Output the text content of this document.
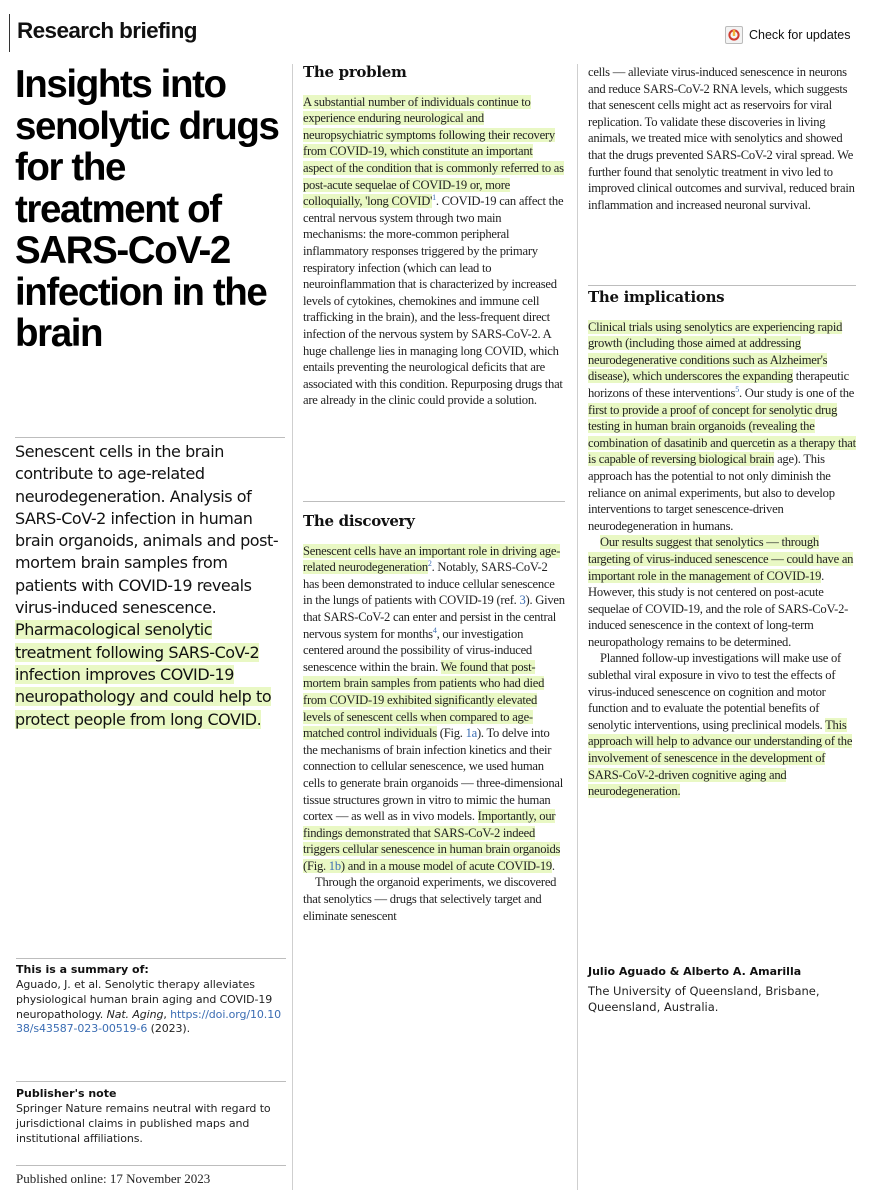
Research briefing	Check for updates
Insights into senolytic drugs for the treatment of SARS-CoV-2 infection in the brain
Senescent cells in the brain contribute to age-related neurodegeneration. Analysis of SARS-CoV-2 infection in human brain organoids, animals and post-mortem brain samples from patients with COVID-19 reveals virus-induced senescence. Pharmacological senolytic treatment following SARS-CoV-2 infection improves COVID-19 neuropathology and could help to protect people from long COVID.
This is a summary of:
Aguado, J. et al. Senolytic therapy alleviates physiological human brain aging and COVID-19 neuropathology. Nat. Aging, https://doi.org/10.1038/s43587-023-00519-6 (2023).
Publisher's note
Springer Nature remains neutral with regard to jurisdictional claims in published maps and institutional affiliations.
Published online: 17 November 2023
The problem

A substantial number of individuals continue to experience enduring neurological and neuropsychiatric symptoms following their recovery from COVID-19, which constitute an important aspect of the condition that is commonly referred to as post-acute sequelae of COVID-19 or, more colloquially, 'long $COVID'^1$. COVID-19 can affect the central nervous system through two main mechanisms: the more-common peripheral inflammatory responses triggered by the primary respiratory infection (which can lead to neuroinflammation that is characterized by increased levels of cytokines, chemokines and immune cell trafficking in the brain), and the less-frequent direct infection of the nervous system by SARS-CoV-2. A huge challenge lies in managing long COVID, which entails preventing the neurological deficits that are associated with this condition. Repurposing drugs that are already in the clinic could provide a solution.

The discovery

Senescent cells have an important role in driving age-related neurodegeneration$^2$. Notably, SARS-CoV-2 has been demonstrated to induce cellular senescence in the lungs of patients with COVID-19 (ref. 3). Given that SARS-CoV-2 can enter and persist in the central nervous system for months$^4$, our investigation centered around the possibility of virus-induced senescence within the brain. We found that post-mortem brain samples from patients who had died from COVID-19 exhibited significantly elevated levels of senescent cells when compared to age-matched control individuals (Fig. 1a). To delve into the mechanisms of brain infection kinetics and their connection to cellular senescence, we used human cells to generate brain organoids — three-dimensional tissue structures grown in vitro to mimic the human cortex — as well as in vivo models. Importantly, our findings demonstrated that SARS-CoV-2 indeed triggers cellular senescence in human brain organoids (Fig. 1b) and in a mouse model of acute COVID-19.

Through the organoid experiments, we discovered that senolytics — drugs that selectively target and eliminate senescent

cells — alleviate virus-induced senescence in neurons and reduce SARS-CoV-2 RNA levels, which suggests that senescent cells might act as reservoirs for viral replication. To validate these discoveries in living animals, we treated mice with senolytics and showed that the drugs prevented SARS-CoV-2 viral spread. We further found that senolytic treatment in vivo led to improved clinical outcomes and survival, reduced brain inflammation and increased neuronal survival.

The implications

Clinical trials using senolytics are experiencing rapid growth (including those aimed at addressing neurodegenerative conditions such as Alzheimer's disease), which underscores the expanding therapeutic horizons of these interventions$^5$. Our study is one of the first to provide a proof of concept for senolytic drug testing in human brain organoids (revealing the combination of dasatinib and quercetin as a therapy that is capable of reversing biological brain age). This approach has the potential to not only diminish the reliance on animal experiments, but also to develop interventions to target senescence-driven neurodegeneration in humans.

Our results suggest that senolytics — through targeting of virus-induced senescence — could have an important role in the management of COVID-19. However, this study is not centered on post-acute sequelae of COVID-19, and the role of SARS-CoV-2-induced senescence in the context of long-term neuropathology remains to be determined.

Planned follow-up investigations will make use of sublethal viral exposure in vivo to test the effects of virus-induced senescence on cognition and motor function and to evaluate the potential benefits of senolytic interventions, using preclinical models. This approach will help to advance our understanding of the involvement of senescence in the development of SARS-CoV-2-driven cognitive aging and neurodegeneration.

Julio Aguado & Alberto A. Amarilla
The University of Queensland, Brisbane, Queensland, Australia.
